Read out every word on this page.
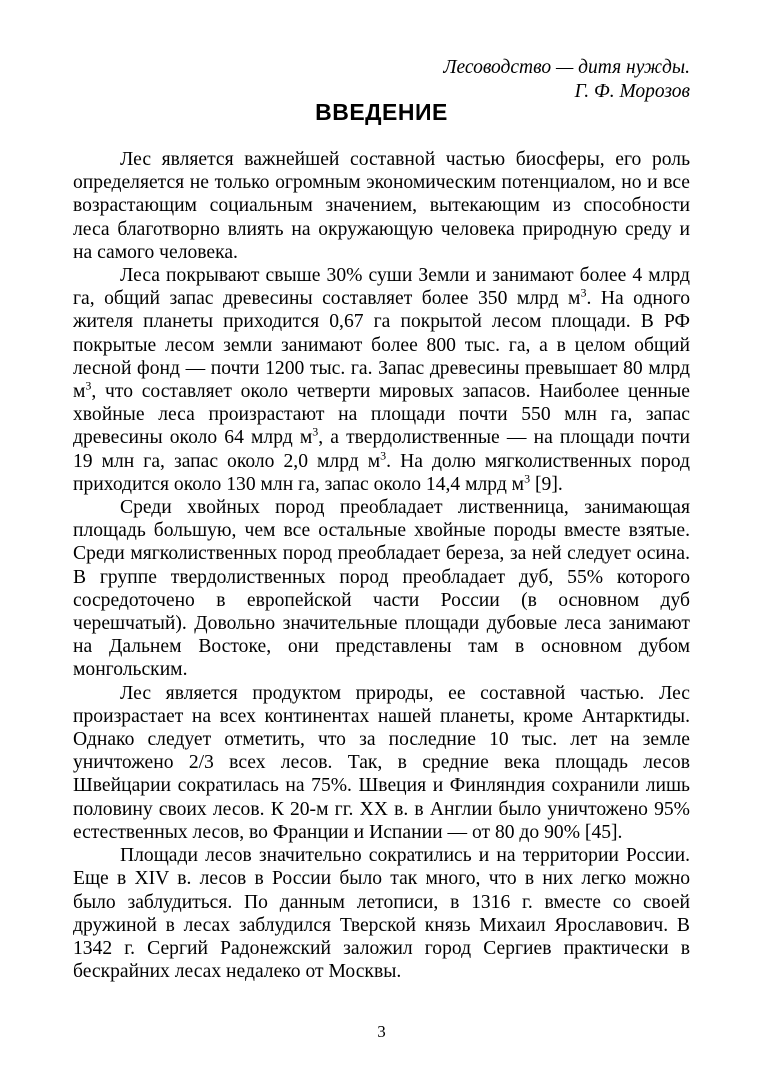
Лесоводство — дитя нужды.
Г. Ф. Морозов
ВВЕДЕНИЕ

Лес является важнейшей составной частью биосферы, его роль определяется не только огромным экономическим потенциалом, но и все возрастающим социальным значением, вытекающим из способности леса благотворно влиять на окружающую человека природную среду и на самого человека.

Леса покрывают свыше 30% суши Земли и занимают более 4 млрд га, общий запас древесины составляет более 350 млрд $м^3$. На одного жителя планеты приходится 0,67 га покрытой лесом площади. В РФ покрытые лесом земли занимают более 800 тыс. га, а в целом общий лесной фонд — почти 1200 тыс. га. Запас древесины превышает 80 млрд $м^3$, что составляет около четверти мировых запасов. Наиболее ценные хвойные леса произрастают на площади почти 550 млн га, запас древесины около 64 млрд $м^3$, а твердолиственные — на площади почти 19 млн га, запас около 2,0 млрд $м^3$. На долю мягколиственных пород приходится около 130 млн га, запас около 14,4 млрд $м^3$ [9].

Среди хвойных пород преобладает лиственница, занимающая площадь большую, чем все остальные хвойные породы вместе взятые. Среди мягколиственных пород преобладает береза, за ней следует осина. В группе твердолиственных пород преобладает дуб, 55% которого сосредоточено в европейской части России (в основном дуб черешчатый). Довольно значительные площади дубовые леса занимают на Дальнем Востоке, они представлены там в основном дубом монгольским.

Лес является продуктом природы, ее составной частью. Лес произрастает на всех континентах нашей планеты, кроме Антарктиды. Однако следует отметить, что за последние 10 тыс. лет на земле уничтожено 2/3 всех лесов. Так, в средние века площадь лесов Швейцарии сократилась на 75%. Швеция и Финляндия сохранили лишь половину своих лесов. К 20-м гг. XX в. в Англии было уничтожено 95% естественных лесов, во Франции и Испании — от 80 до 90% [45].

Площади лесов значительно сократились и на территории России. Еще в XIV в. лесов в России было так много, что в них легко можно было заблудиться. По данным летописи, в 1316 г. вместе со своей дружиной в лесах заблудился Тверской князь Михаил Ярославович. В 1342 г. Сергий Радонежский заложил город Сергиев практически в бескрайних лесах недалеко от Москвы.

3
